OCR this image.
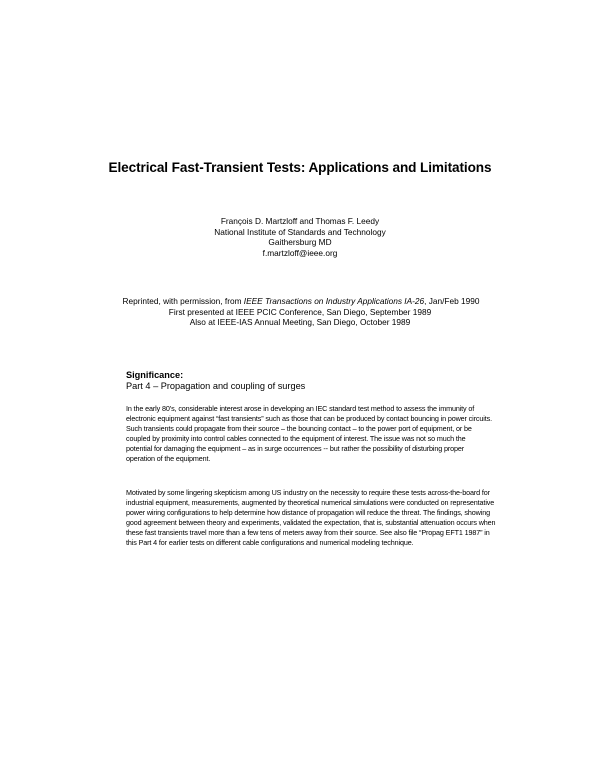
Electrical Fast-Transient Tests: Applications and Limitations
François D. Martzloff and Thomas F. Leedy
National Institute of Standards and Technology
Gaithersburg MD
f.martzloff@ieee.org
Reprinted, with permission, from IEEE Transactions on Industry Applications IA-26, Jan/Feb 1990
First presented at IEEE PCIC Conference, San Diego, September 1989
Also at IEEE-IAS Annual Meeting, San Diego, October 1989
Significance:
Part 4 – Propagation and coupling of surges
In the early 80’s, considerable interest arose in developing an IEC standard test method to assess the immunity of
electronic equipment against “fast transients” such as those that can be produced by contact bouncing in power circuits.
Such transients could propagate from their source – the bouncing contact – to the power port of equipment, or be
coupled by proximity into control cables connected to the equipment of interest. The issue was not so much the
potential for damaging the equipment – as in surge occurrences -- but rather the possibility of disturbing proper
operation of the equipment.
Motivated by some lingering skepticism among US industry on the necessity to require these tests across-the-board for
industrial equipment, measurements, augmented by theoretical numerical simulations were conducted on representative
power wiring configurations to help determine how distance of propagation will reduce the threat. The findings, showing
good agreement between theory and experiments, validated the expectation, that is, substantial attenuation occurs when
these fast transients travel more than a few tens of meters away from their source. See also file “Propag EFT1 1987” in
this Part 4 for earlier tests on different cable configurations and numerical modeling technique.
